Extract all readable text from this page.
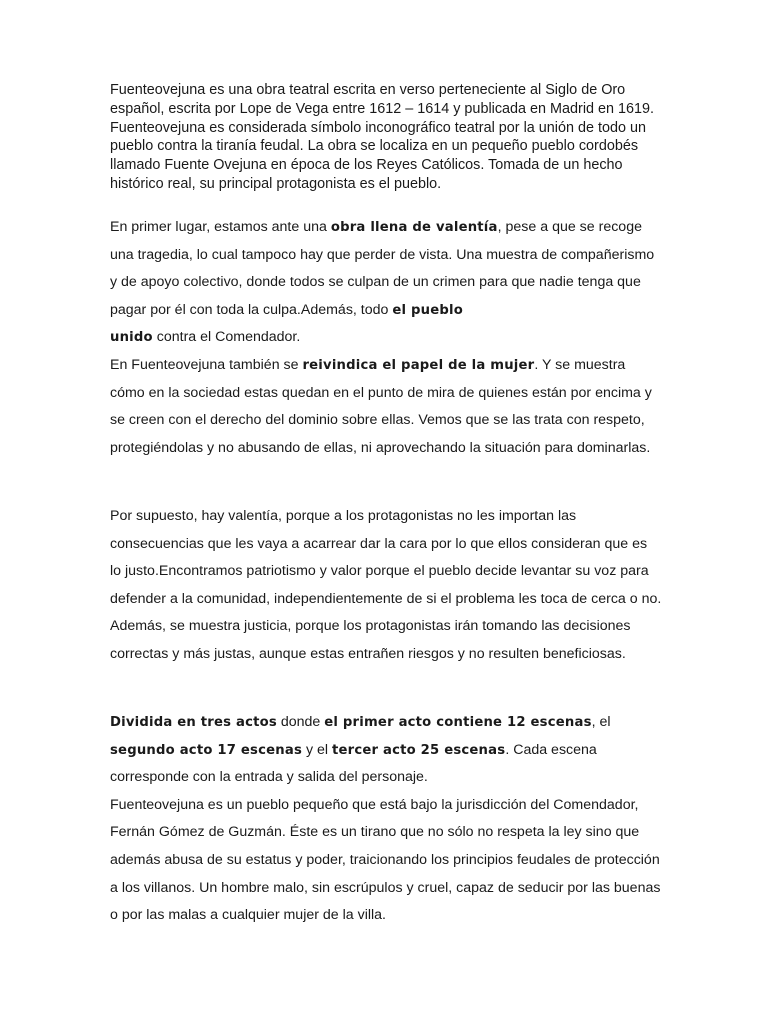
Fuenteovejuna es una obra teatral escrita en verso perteneciente al Siglo de Oro español, escrita por Lope de Vega entre 1612 – 1614 y publicada en Madrid en 1619. Fuenteovejuna es considerada símbolo inconográfico teatral por la unión de todo un pueblo contra la tiranía feudal. La obra se localiza en un pequeño pueblo cordobés llamado Fuente Ovejuna en época de los Reyes Católicos. Tomada de un hecho histórico real, su principal protagonista es el pueblo.

En primer lugar, estamos ante una obra llena de valentía, pese a que se recoge una tragedia, lo cual tampoco hay que perder de vista. Una muestra de compañerismo y de apoyo colectivo, donde todos se culpan de un crimen para que nadie tenga que pagar por él con toda la culpa.Además, todo el pueblo
unido contra el Comendador.

En Fuenteovejuna también se reivindica el papel de la mujer. Y se muestra cómo en la sociedad estas quedan en el punto de mira de quienes están por encima y se creen con el derecho del dominio sobre ellas. Vemos que se las trata con respeto, protegiéndolas y no abusando de ellas, ni aprovechando la situación para dominarlas.

Por supuesto, hay valentía, porque a los protagonistas no les importan las consecuencias que les vaya a acarrear dar la cara por lo que ellos consideran que es lo justo.Encontramos patriotismo y valor porque el pueblo decide levantar su voz para defender a la comunidad, independientemente de si el problema les toca de cerca o no. Además, se muestra justicia, porque los protagonistas irán tomando las decisiones correctas y más justas, aunque estas entrañen riesgos y no resulten beneficiosas.

Dividida en tres actos donde el primer acto contiene 12 escenas, el segundo acto 17 escenas y el tercer acto 25 escenas. Cada escena corresponde con la entrada y salida del personaje.

Fuenteovejuna es un pueblo pequeño que está bajo la jurisdicción del Comendador, Fernán Gómez de Guzmán. Éste es un tirano que no sólo no respeta la ley sino que además abusa de su estatus y poder, traicionando los principios feudales de protección a los villanos. Un hombre malo, sin escrúpulos y cruel, capaz de seducir por las buenas o por las malas a cualquier mujer de la villa.
